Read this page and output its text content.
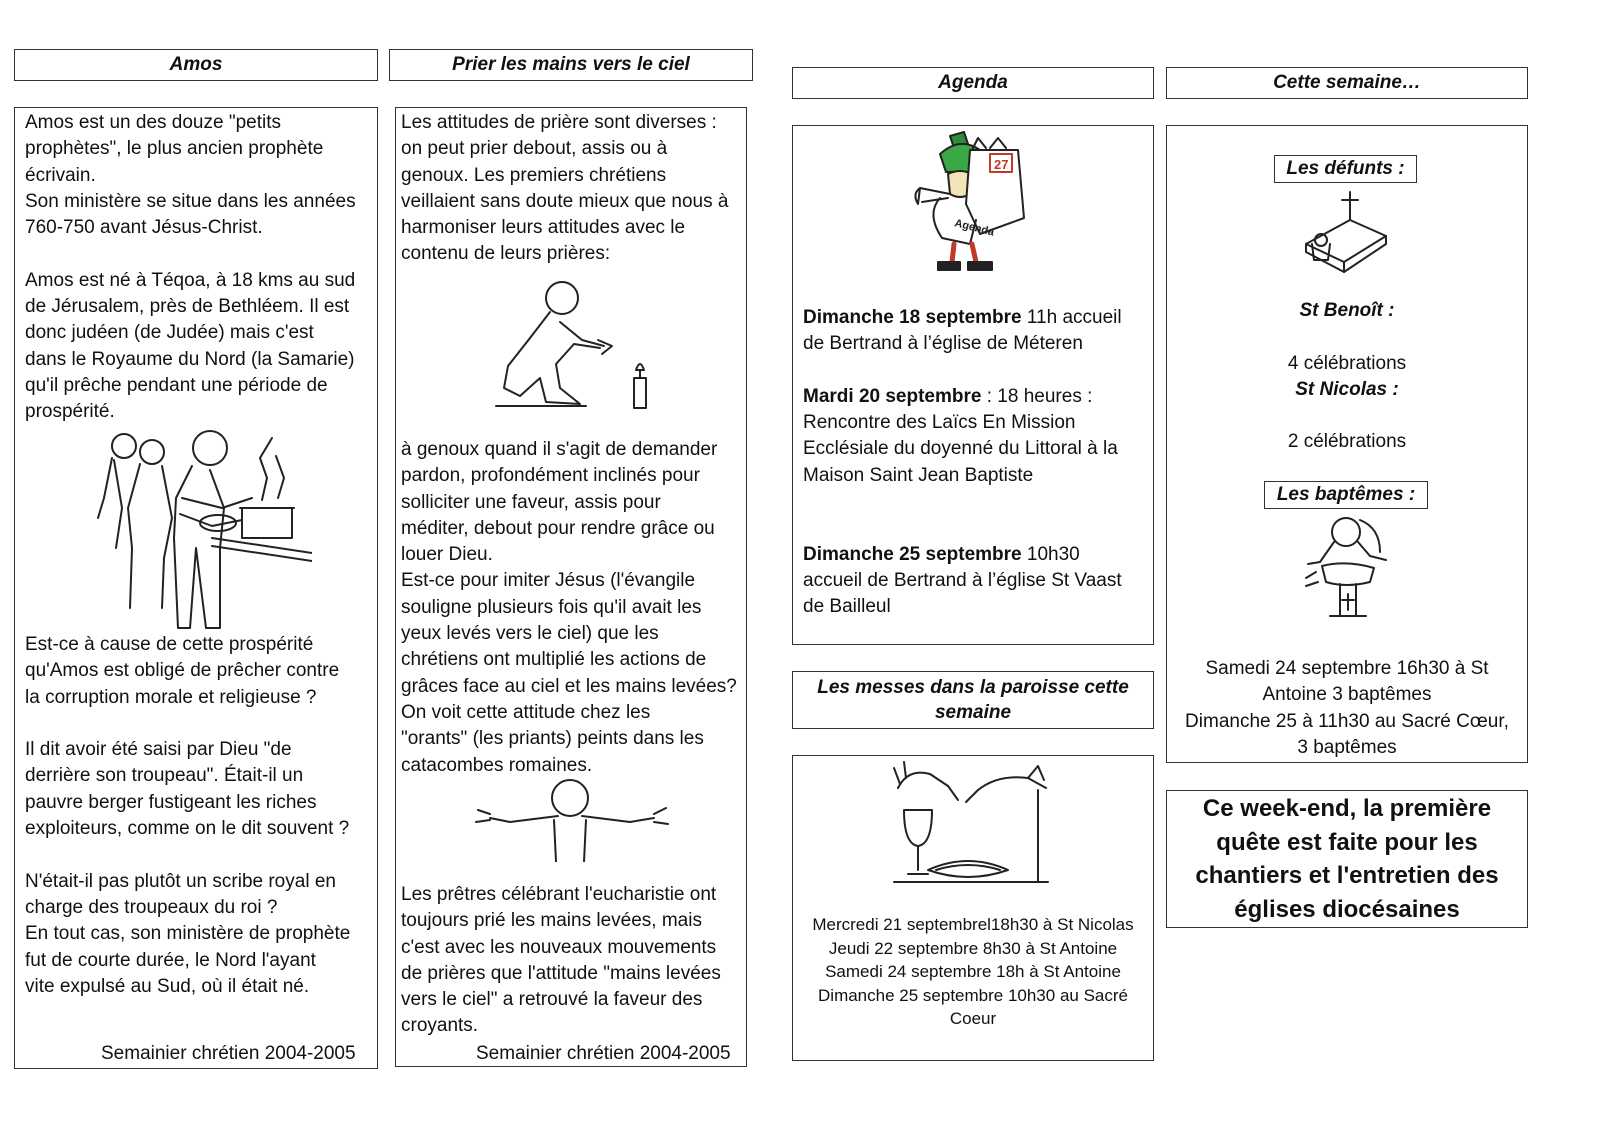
Amos

Amos est un des douze "petits

prophètes", le plus ancien prophète

écrivain.

Son ministère se situe dans les années

760-750 avant Jésus-Christ.

Amos est né à Téqoa, à 18 kms au sud

de Jérusalem, près de Bethléem. Il est

donc judéen (de Judée) mais c'est

dans le Royaume du Nord (la Samarie)

qu'il prêche pendant une période de

prospérité.

Est-ce à cause de cette prospérité

qu'Amos est obligé de prêcher contre

la corruption morale et religieuse ?

Il dit avoir été saisi par Dieu "de

derrière son troupeau". Était-il un

pauvre berger fustigeant les riches

exploiteurs, comme on le dit souvent ?

N'était-il pas plutôt un scribe royal en

charge des troupeaux du roi ?

En tout cas, son ministère de prophète

fut de courte durée, le Nord l'ayant

vite expulsé au Sud, où il était né.

Semainier chrétien 2004-2005
Prier les mains vers le ciel

Les attitudes de prière sont diverses :

on peut prier debout, assis ou à

genoux. Les premiers chrétiens

veillaient sans doute mieux que nous à

harmoniser leurs attitudes avec le

contenu de leurs prières:

à genoux quand il s'agit de demander

pardon, profondément inclinés pour

solliciter une faveur, assis pour

méditer, debout pour rendre grâce ou

louer Dieu.

Est-ce pour imiter Jésus (l'évangile

souligne plusieurs fois qu'il avait les

yeux levés vers le ciel) que les

chrétiens ont multiplié les actions de

grâces face au ciel et les mains levées?

On voit cette attitude chez les

"orants" (les priants) peints dans les

catacombes romaines.

Les prêtres célébrant l'eucharistie ont

toujours prié les mains levées, mais

c'est avec les nouveaux mouvements

de prières que l'attitude "mains levées

vers le ciel" a retrouvé la faveur des

croyants.

Semainier chrétien 2004-2005
Agenda
27
Agenda

Dimanche 18 septembre 11h accueil

de Bertrand à l’église de Méteren

Mardi 20 septembre : 18 heures :

Rencontre des Laïcs En Mission

Ecclésiale du doyenné du Littoral à la

Maison Saint Jean Baptiste

Dimanche 25 septembre 10h30

accueil de Bertrand à l’église St Vaast

de Bailleul

Les messes dans la paroisse cette
semaine

Mercredi 21 septembrel18h30 à St Nicolas

Jeudi 22 septembre 8h30 à St Antoine

Samedi 24 septembre 18h à St Antoine

Dimanche 25 septembre 10h30 au Sacré

Coeur

Cette semaine…
Les défunts :

St Benoît :

4 célébrations

St Nicolas :

2 célébrations

Les baptêmes :

Samedi 24 septembre 16h30 à St

Antoine 3 baptêmes

Dimanche 25 à 11h30 au Sacré Cœur,

3 baptêmes

Ce week-end, la première
quête est faite pour les
chantiers et l'entretien des
églises diocésaines
